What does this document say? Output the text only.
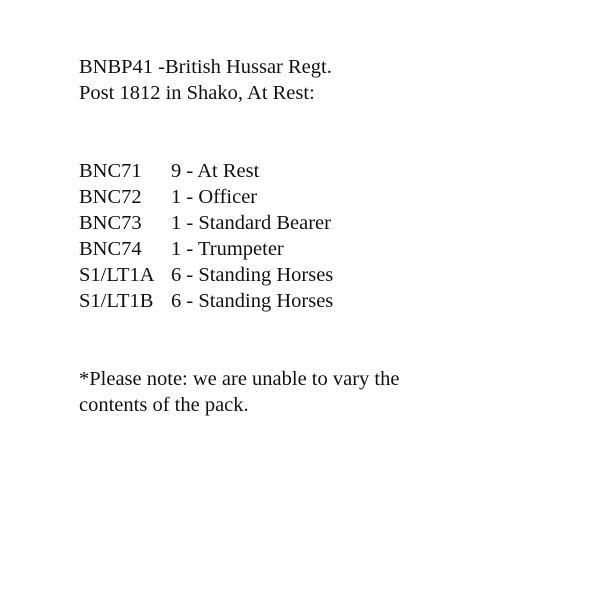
BNBP41 -British Hussar Regt.
Post 1812 in Shako, At Rest:
BNC71	9 - At Rest
BNC72	1 - Officer
BNC73	1 - Standard Bearer
BNC74	1 - Trumpeter
S1/LT1A 6 - Standing Horses
S1/LT1B 6 - Standing Horses
*Please note: we are unable to vary the
contents of the pack.
